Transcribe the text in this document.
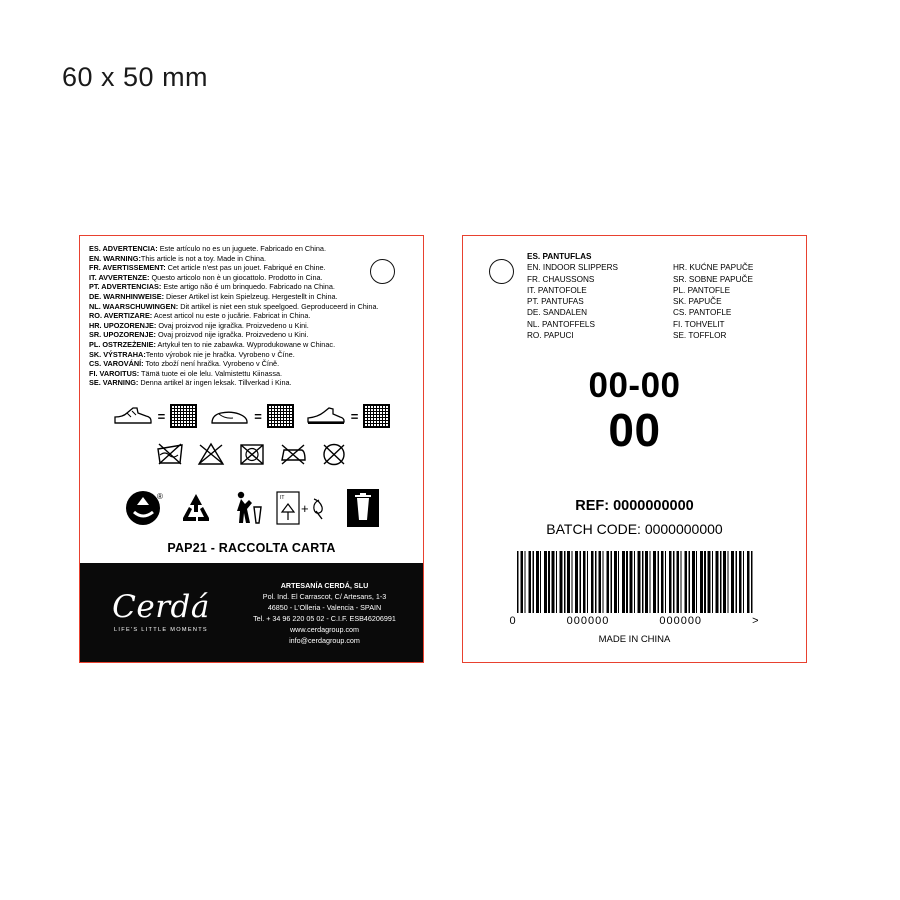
60 x 50 mm
ES. ADVERTENCIA: Este artículo no es un juguete. Fabricado en China.
EN. WARNING:This article is not a toy. Made in China.
FR. AVERTISSEMENT: Cet article n'est pas un jouet. Fabriqué en Chine.
IT. AVVERTENZE: Questo articolo non è un giocattolo. Prodotto in Cina.
PT. ADVERTENCIAS: Este artigo não é um brinquedo. Fabricado na China.
DE. WARNHINWEISE: Dieser Artikel ist kein Spielzeug. Hergestellt in China.
NL. WAARSCHUWINGEN: Dit artikel is niet een stuk speelgoed. Geproduceerd in China.
RO. AVERTIZARE: Acest articol nu este o jucărie. Fabricat in China.
HR. UPOZORENJE: Ovaj proizvod nije igračka. Proizvedeno u Kini.
SR. UPOZORENJE: Ovaj proizvod nije igračka. Proizvedeno u Kini.
PL. OSTRZEŻENIE: Artykuł ten to nie zabawka. Wyprodukowane w Chinac.
SK. VÝSTRAHA:Tento výrobok nie je hračka. Vyrobeno v Číne.
CS. VAROVÁNÍ: Toto zboží není hračka. Vyrobeno v Číně.
FI. VAROITUS: Tämä tuote ei ole lelu. Valmistettu Kiinassa.
SE. VARNING: Denna artikel är ingen leksak. Tillverkad i Kina.
=	=	=
®	IT
+
PAP21 - RACCOLTA CARTA
Cerdá
LIFE'S LITTLE MOMENTS
ARTESANÍA CERDÁ, SLU
Pol. Ind. El Carrascot, C/ Artesans, 1-3
46850 - L'Olleria - Valencia - SPAIN
Tel. + 34 96 220 05 02 - C.I.F. ESB46206991
www.cerdagroup.com
info@cerdagroup.com
ES. PANTUFLAS
EN. INDOOR SLIPPERS
FR. CHAUSSONS
IT. PANTOFOLE
PT. PANTUFAS
DE. SANDALEN
NL. PANTOFFELS
RO. PAPUCI
HR. KUĆNE PAPUČE
SR. SOBNE PAPUČE
PL. PANTOFLE
SK. PAPUČE
CS. PANTOFLE
FI. TOHVELIT
SE. TOFFLOR
00-00
00
REF: 0000000000
BATCH CODE: 0000000000
0	000000	000000	>
MADE IN CHINA
